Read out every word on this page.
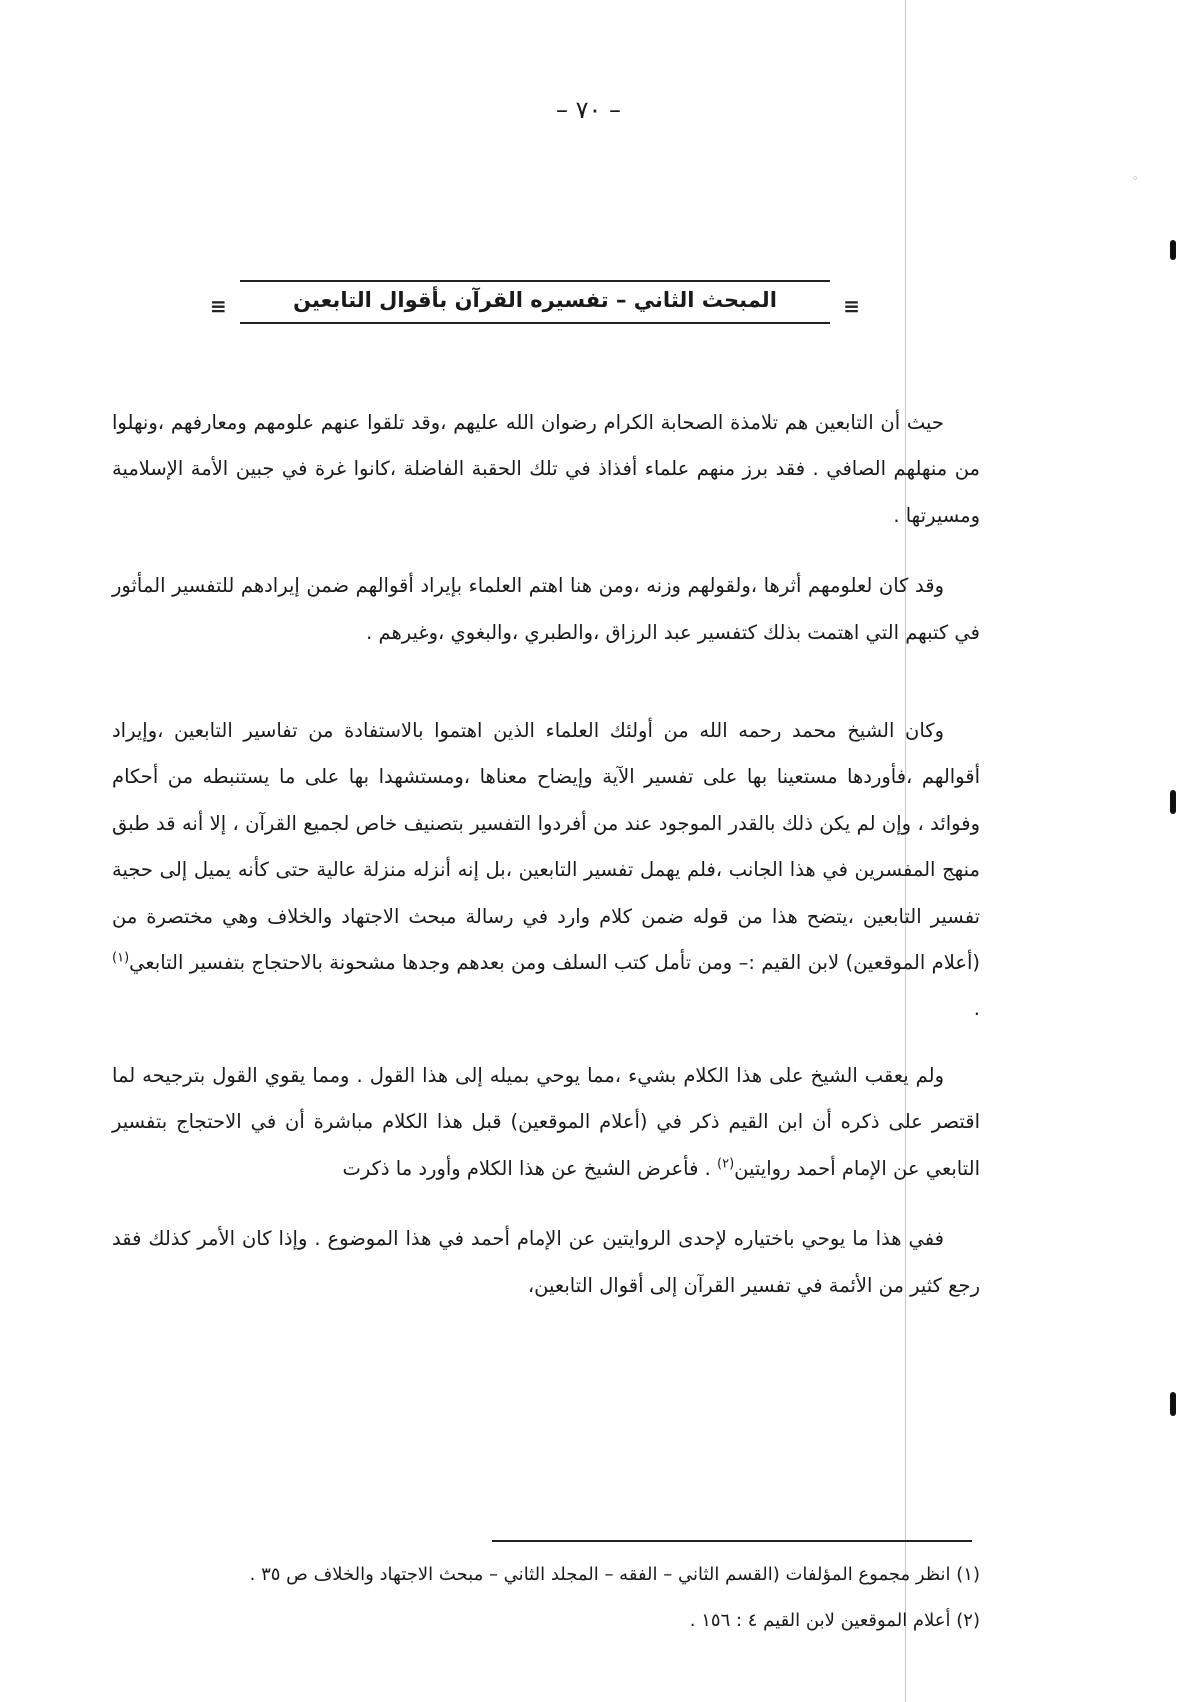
◦
– ٧٠ –
≡	المبحث الثاني – تفسيره القرآن بأقوال التابعين	≡

حيث أن التابعين هم تلامذة الصحابة الكرام رضوان الله عليهم ،وقد تلقوا عنهم علومهم ومعارفهم ،ونهلوا من منهلهم الصافي . فقد برز منهم علماء أفذاذ في تلك الحقبة الفاضلة ،كانوا غرة في جبين الأمة الإسلامية ومسيرتها .

وقد كان لعلومهم أثرها ،ولقولهم وزنه ،ومن هنا اهتم العلماء بإيراد أقوالهم ضمن إيرادهم للتفسير المأثور في كتبهم التي اهتمت بذلك كتفسير عبد الرزاق ،والطبري ،والبغوي ،وغيرهم .

وكان الشيخ محمد رحمه الله من أولئك العلماء الذين اهتموا بالاستفادة من تفاسير التابعين ،وإيراد أقوالهم ،فأوردها مستعينا بها على تفسير الآية وإيضاح معناها ،ومستشهدا بها على ما يستنبطه من أحكام وفوائد ، وإن لم يكن ذلك بالقدر الموجود عند من أفردوا التفسير بتصنيف خاص لجميع القرآن ، إلا أنه قد طبق منهج المفسرين في هذا الجانب ،فلم يهمل تفسير التابعين ،بل إنه أنزله منزلة عالية حتى كأنه يميل إلى حجية تفسير التابعين ،يتضح هذا من قوله ضمن كلام وارد في رسالة مبحث الاجتهاد والخلاف وهي مختصرة من (أعلام الموقعين) لابن القيم :– ومن تأمل كتب السلف ومن بعدهم وجدها مشحونة بالاحتجاج بتفسير التابعي$^{(١)}$ .

ولم يعقب الشيخ على هذا الكلام بشيء ،مما يوحي بميله إلى هذا القول . ومما يقوي القول بترجيحه لما اقتصر على ذكره أن ابن القيم ذكر في (أعلام الموقعين) قبل هذا الكلام مباشرة أن في الاحتجاج بتفسير التابعي عن الإمام أحمد روايتين$^{(٢)}$ . فأعرض الشيخ عن هذا الكلام وأورد ما ذكرت

ففي هذا ما يوحي باختياره لإحدى الروايتين عن الإمام أحمد في هذا الموضوع . وإذا كان الأمر كذلك فقد رجع كثير من الأئمة في تفسير القرآن إلى أقوال التابعين،

(١) انظر مجموع المؤلفات (القسم الثاني – الفقه – المجلد الثاني – مبحث الاجتهاد والخلاف ص ٣٥ .

(٢) أعلام الموقعين لابن القيم ٤ : ١٥٦ .
